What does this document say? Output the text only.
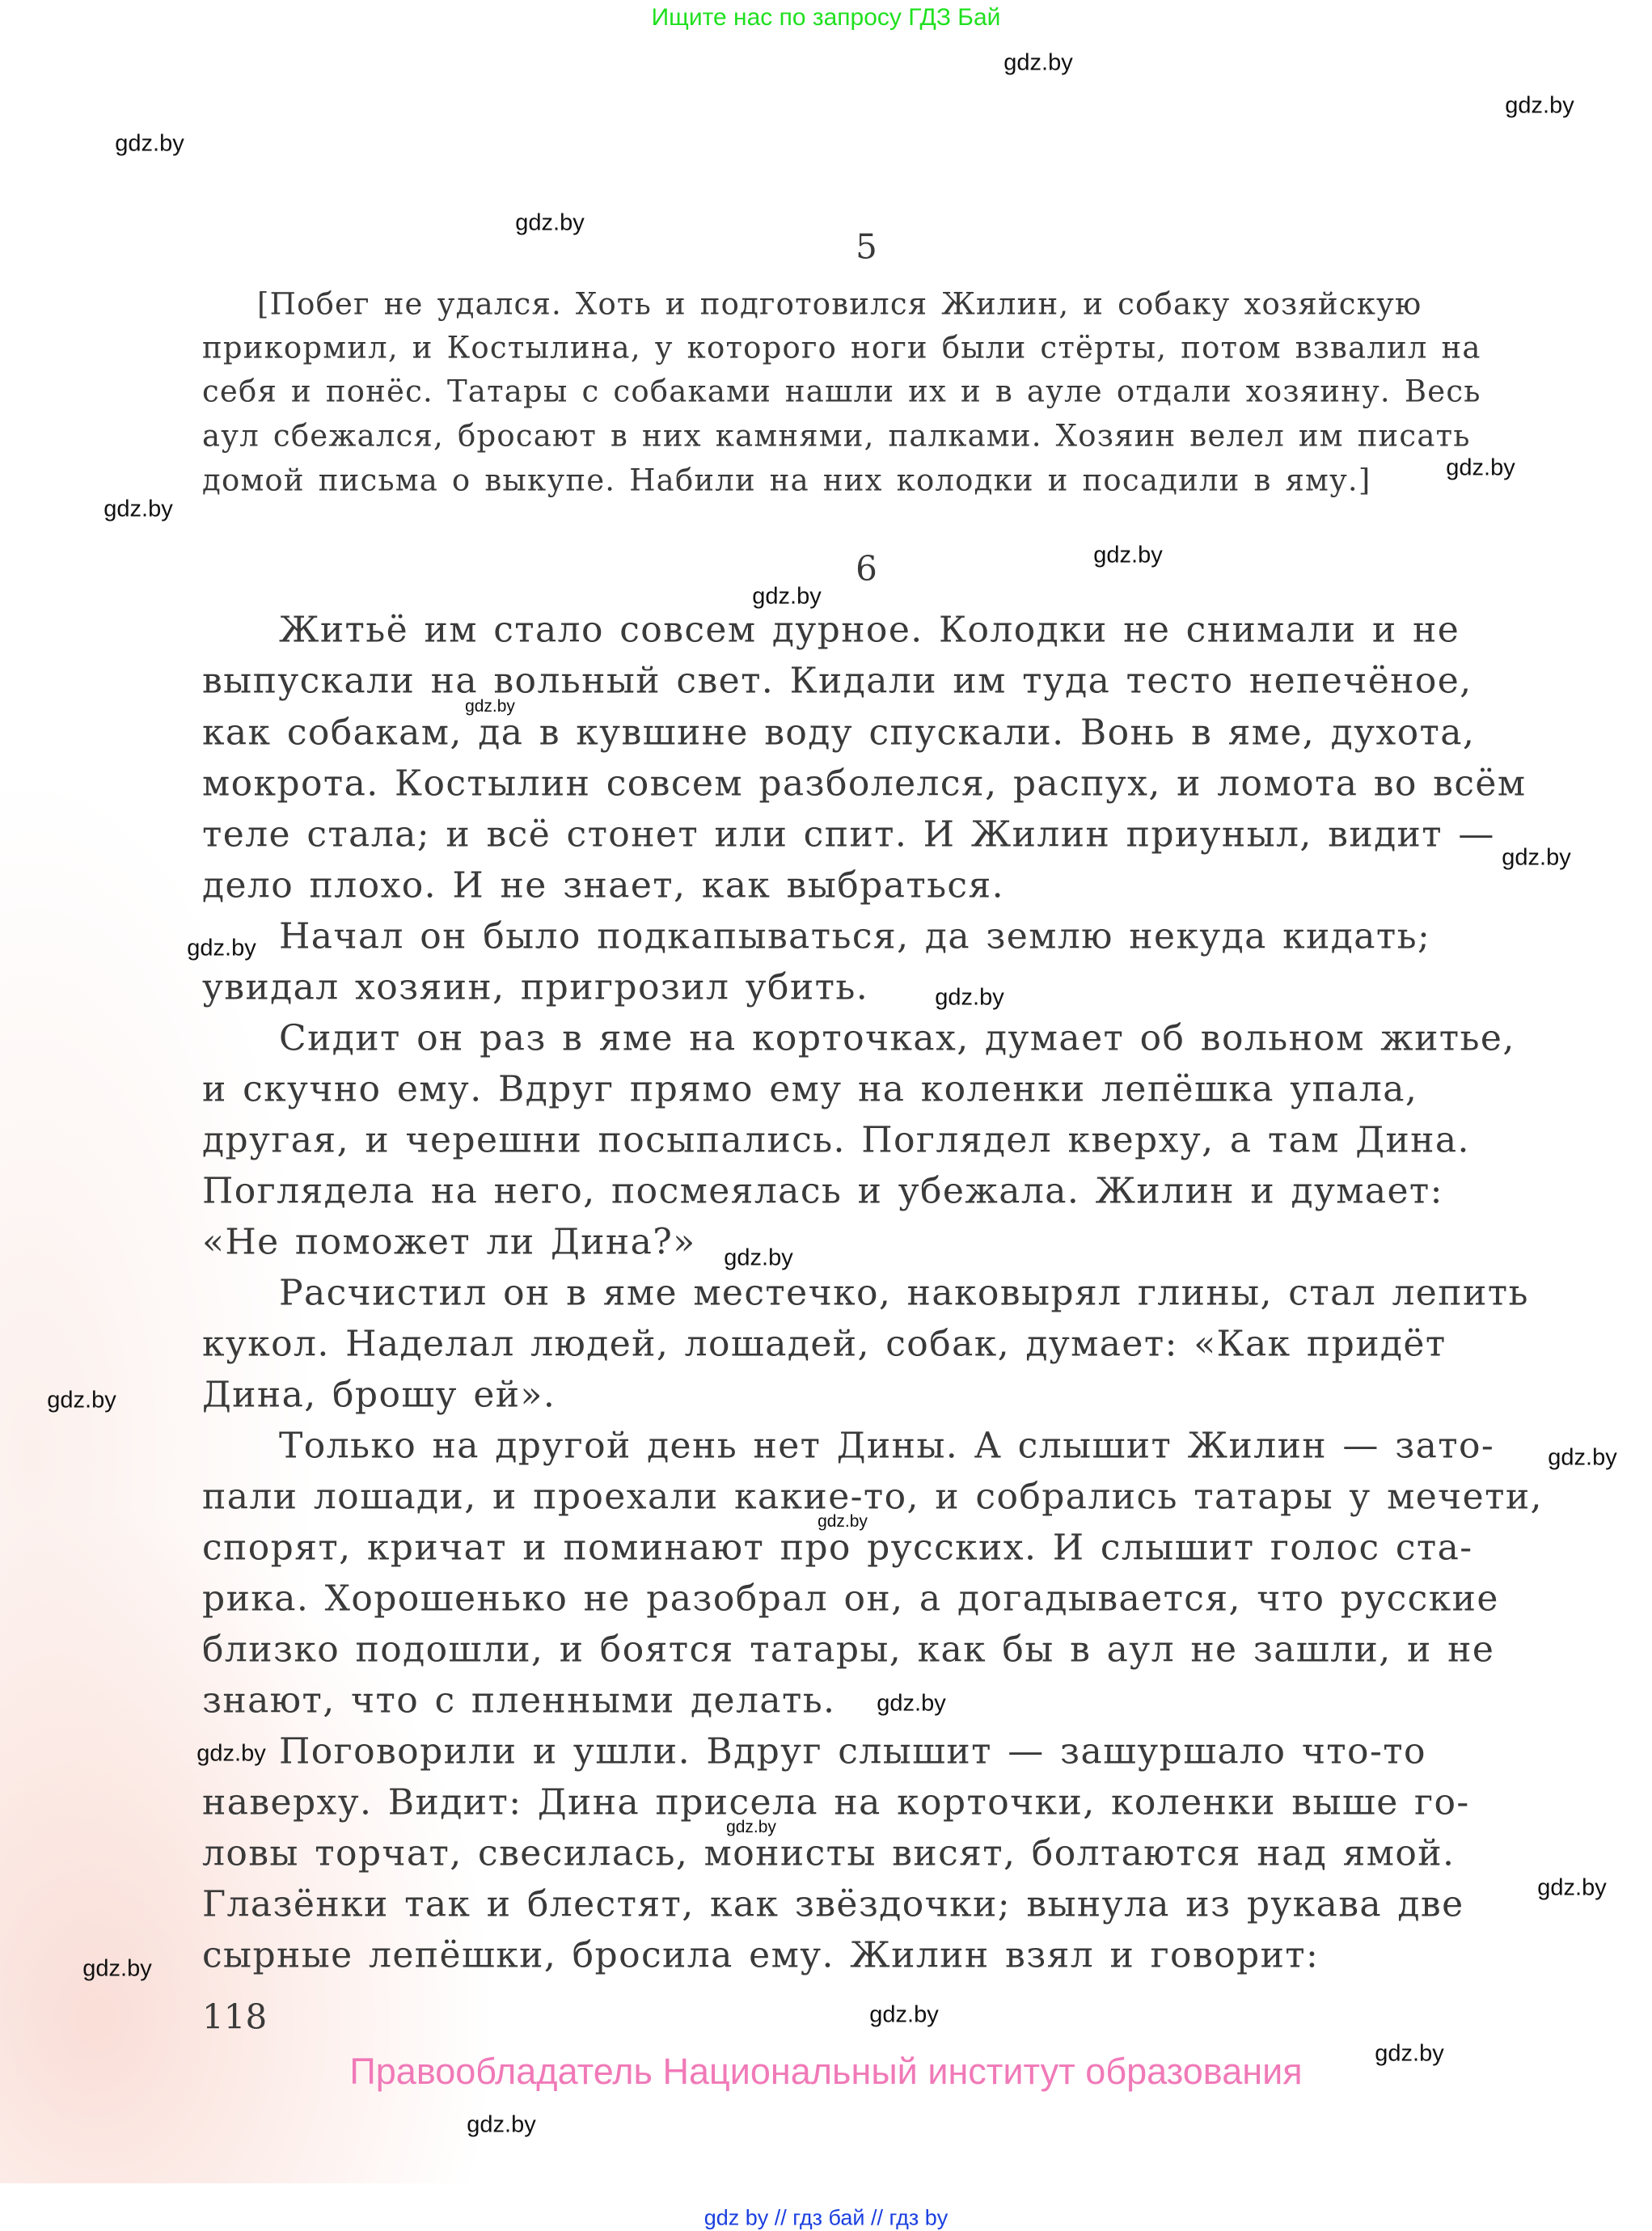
Ищите нас по запросу ГДЗ Бай
gdz.by
gdz.by
gdz.by
gdz.by
gdz.by
gdz.by
gdz.by
gdz.by
gdz.by
gdz.by
gdz.by
gdz.by
gdz.by
gdz.by
gdz.by
gdz.by
gdz.by
gdz.by
gdz.by
gdz.by
gdz.by
gdz.by
gdz.by
gdz.by
5
[Побег не удался. Хоть и подготовился Жилин, и собаку хозяйскую
прикормил, и Костылина, у которого ноги были стёрты, потом взвалил на
себя и понёс. Татары с собаками нашли их и в ауле отдали хозяину. Весь
аул сбежался, бросают в них камнями, палками. Хозяин велел им писать
домой письма о выкупе. Набили на них колодки и посадили в яму.]
6
Житьё им стало совсем дурное. Колодки не снимали и не
выпускали на вольный свет. Кидали им туда тесто непечёное,
как собакам, да в кувшине воду спускали. Вонь в яме, духота,
мокрота. Костылин совсем разболелся, распух, и ломота во всём
теле стала; и всё стонет или спит. И Жилин приуныл, видит —
дело плохо. И не знает, как выбраться.
Начал он было подкапываться, да землю некуда кидать;
увидал хозяин, пригрозил убить.
Сидит он раз в яме на корточках, думает об вольном житье,
и скучно ему. Вдруг прямо ему на коленки лепёшка упала,
другая, и черешни посыпались. Поглядел кверху, а там Дина.
Поглядела на него, посмеялась и убежала. Жилин и думает:
«Не поможет ли Дина?»
Расчистил он в яме местечко, наковырял глины, стал лепить
кукол. Наделал людей, лошадей, собак, думает: «Как придёт
Дина, брошу ей».
Только на другой день нет Дины. А слышит Жилин — зато-
пали лошади, и проехали какие-то, и собрались татары у мечети,
спорят, кричат и поминают про русских. И слышит голос ста-
рика. Хорошенько не разобрал он, а догадывается, что русские
близко подошли, и боятся татары, как бы в аул не зашли, и не
знают, что с пленными делать.
Поговорили и ушли. Вдруг слышит — зашуршало что-то
наверху. Видит: Дина присела на корточки, коленки выше го-
ловы торчат, свесилась, монисты висят, болтаются над ямой.
Глазёнки так и блестят, как звёздочки; вынула из рукава две
сырные лепёшки, бросила ему. Жилин взял и говорит:
118
Правообладатель Национальный институт образования
gdz by // гдз бай // гдз by
